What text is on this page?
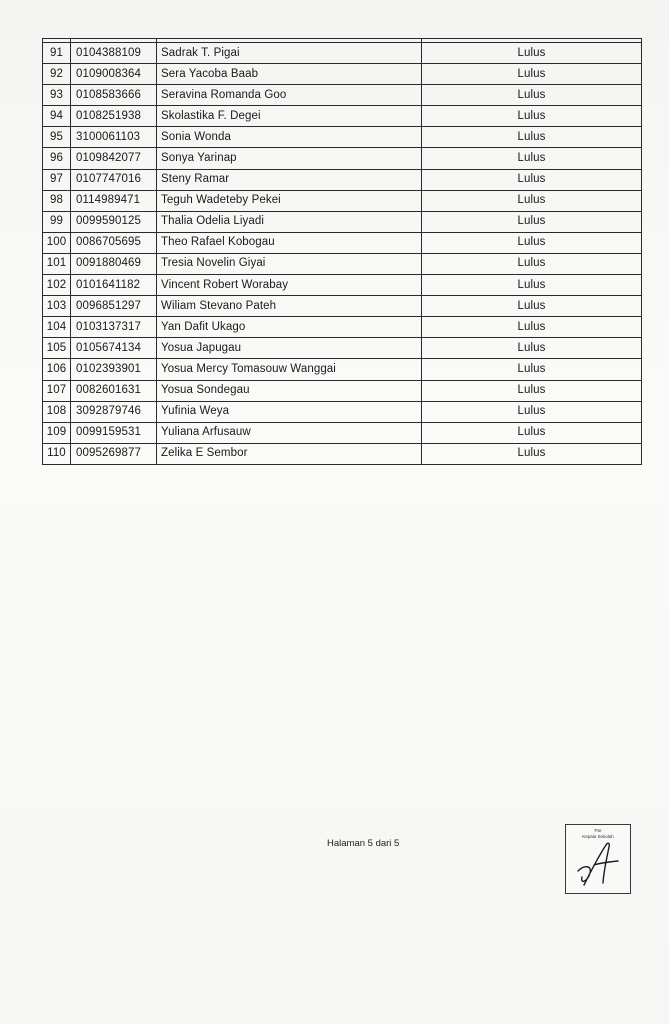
91	0104388109	Sadrak T. Pigai	Lulus
92	0109008364	Sera Yacoba Baab	Lulus
93	0108583666	Seravina Romanda Goo	Lulus
94	0108251938	Skolastika F. Degei	Lulus
95	3100061103	Sonia Wonda	Lulus
96	0109842077	Sonya Yarinap	Lulus
97	0107747016	Steny Ramar	Lulus
98	0114989471	Teguh Wadeteby Pekei	Lulus
99	0099590125	Thalia Odelia Liyadi	Lulus
100	0086705695	Theo Rafael Kobogau	Lulus
101	0091880469	Tresia Novelin Giyai	Lulus
102	0101641182	Vincent Robert Worabay	Lulus
103	0096851297	Wiliam Stevano Pateh	Lulus
104	0103137317	Yan Dafit Ukago	Lulus
105	0105674134	Yosua Japugau	Lulus
106	0102393901	Yosua Mercy Tomasouw Wanggai	Lulus
107	0082601631	Yosua Sondegau	Lulus
108	3092879746	Yufinia Weya	Lulus
109	0099159531	Yuliana Arfusauw	Lulus
110	0095269877	Zelika E Sembor	Lulus
Halaman 5 dari 5
Par
Kepala Sekolah
